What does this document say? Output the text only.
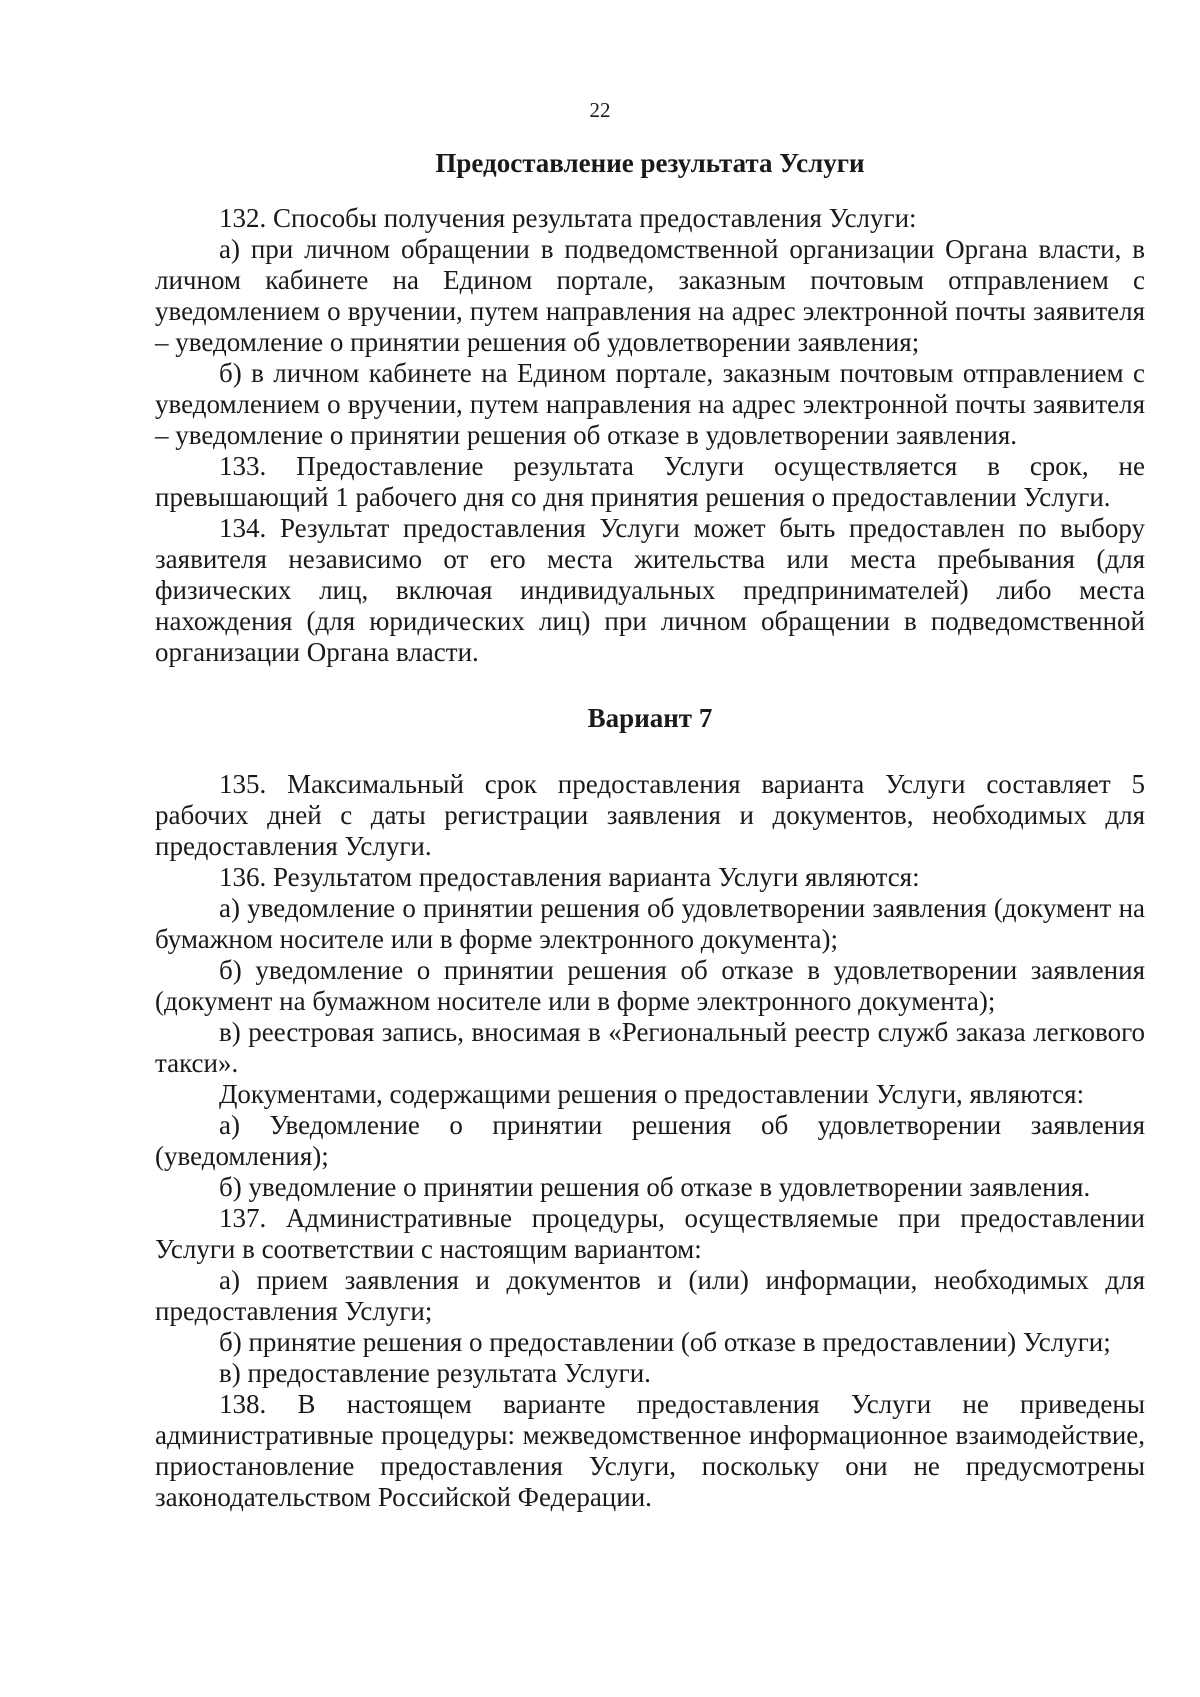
22
Предоставление результата Услуги

132. Способы получения результата предоставления Услуги:

а) при личном обращении в подведомственной организации Органа власти, в личном кабинете на Едином портале, заказным почтовым отправлением с уведомлением о вручении, путем направления на адрес электронной почты заявителя – уведомление о принятии решения об удовлетворении заявления;

б) в личном кабинете на Едином портале, заказным почтовым отправлением с уведомлением о вручении, путем направления на адрес электронной почты заявителя – уведомление о принятии решения об отказе в удовлетворении заявления.

133. Предоставление результата Услуги осуществляется в срок, не превышающий 1 рабочего дня со дня принятия решения о предоставлении Услуги.

134. Результат предоставления Услуги может быть предоставлен по выбору заявителя независимо от его места жительства или места пребывания (для физических лиц, включая индивидуальных предпринимателей) либо места нахождения (для юридических лиц) при личном обращении в подведомственной организации Органа власти.

Вариант 7

135. Максимальный срок предоставления варианта Услуги составляет 5 рабочих дней с даты регистрации заявления и документов, необходимых для предоставления Услуги.

136. Результатом предоставления варианта Услуги являются:

а) уведомление о принятии решения об удовлетворении заявления (документ на бумажном носителе или в форме электронного документа);

б) уведомление о принятии решения об отказе в удовлетворении заявления (документ на бумажном носителе или в форме электронного документа);

в) реестровая запись, вносимая в «Региональный реестр служб заказа легкового такси».

Документами, содержащими решения о предоставлении Услуги, являются:

а) Уведомление о принятии решения об удовлетворении заявления (уведомления);

б) уведомление о принятии решения об отказе в удовлетворении заявления.

137. Административные процедуры, осуществляемые при предоставлении Услуги в соответствии с настоящим вариантом:

а) прием заявления и документов и (или) информации, необходимых для предоставления Услуги;

б) принятие решения о предоставлении (об отказе в предоставлении) Услуги;

в) предоставление результата Услуги.

138. В настоящем варианте предоставления Услуги не приведены административные процедуры: межведомственное информационное взаимодействие, приостановление предоставления Услуги, поскольку они не предусмотрены законодательством Российской Федерации.
